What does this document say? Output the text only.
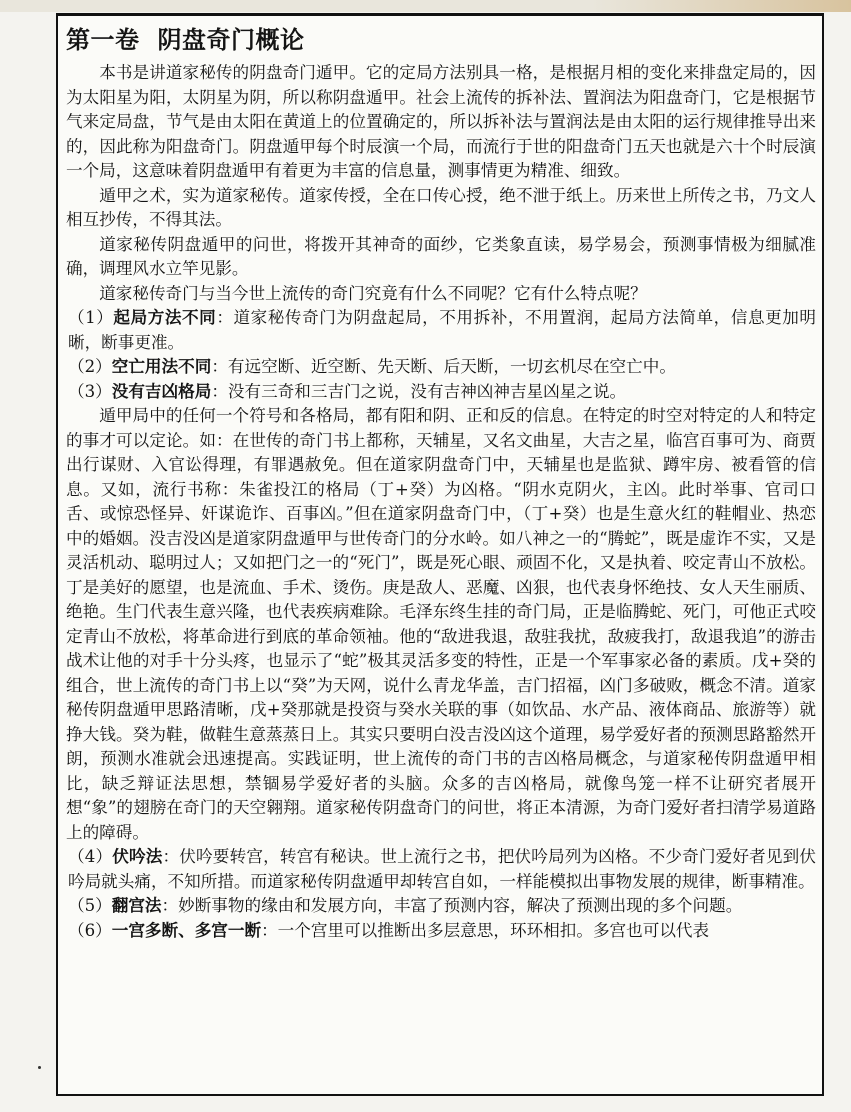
第一卷 阴盘奇门概论

本书是讲道家秘传的阴盘奇门遁甲。它的定局方法别具一格，是根据月相的变化来排盘定局的，因为太阳星为阳，太阴星为阴，所以称阴盘遁甲。社会上流传的拆补法、置润法为阳盘奇门，它是根据节气来定局盘，节气是由太阳在黄道上的位置确定的，所以拆补法与置润法是由太阳的运行规律推导出来的，因此称为阳盘奇门。阴盘遁甲每个时辰演一个局，而流行于世的阳盘奇门五天也就是六十个时辰演一个局，这意味着阴盘遁甲有着更为丰富的信息量，测事情更为精准、细致。

遁甲之术，实为道家秘传。道家传授，全在口传心授，绝不泄于纸上。历来世上所传之书，乃文人相互抄传，不得其法。

道家秘传阴盘遁甲的问世，将拨开其神奇的面纱，它类象直读，易学易会，预测事情极为细腻准确，调理风水立竿见影。

道家秘传奇门与当今世上流传的奇门究竟有什么不同呢？它有什么特点呢？

（1）起局方法不同：道家秘传奇门为阴盘起局，不用拆补，不用置润，起局方法简单，信息更加明晰，断事更准。

（2）空亡用法不同：有远空断、近空断、先天断、后天断，一切玄机尽在空亡中。

（3）没有吉凶格局：没有三奇和三吉门之说，没有吉神凶神吉星凶星之说。

遁甲局中的任何一个符号和各格局，都有阳和阴、正和反的信息。在特定的时空对特定的人和特定的事才可以定论。如：在世传的奇门书上都称，天辅星，又名文曲星，大吉之星，临宫百事可为、商贾出行谋财、入官讼得理，有罪遇赦免。但在道家阴盘奇门中，天辅星也是监狱、蹲牢房、被看管的信息。又如，流行书称：朱雀投江的格局（丁+癸）为凶格。“阴水克阴火，主凶。此时举事、官司口舌、或惊恐怪异、奸谋诡诈、百事凶。”但在道家阴盘奇门中，（丁+癸）也是生意火红的鞋帽业、热恋中的婚姻。没吉没凶是道家阴盘遁甲与世传奇门的分水岭。如八神之一的“腾蛇”，既是虚诈不实，又是灵活机动、聪明过人；又如把门之一的“死门”，既是死心眼、顽固不化，又是执着、咬定青山不放松。丁是美好的愿望，也是流血、手术、烫伤。庚是敌人、恶魔、凶狠，也代表身怀绝技、女人天生丽质、绝艳。生门代表生意兴隆，也代表疾病难除。毛泽东终生挂的奇门局，正是临腾蛇、死门，可他正式咬定青山不放松，将革命进行到底的革命领袖。他的“敌进我退，敌驻我扰，敌疲我打，敌退我追”的游击战术让他的对手十分头疼，也显示了“蛇”极其灵活多变的特性，正是一个军事家必备的素质。戊+癸的组合，世上流传的奇门书上以“癸”为天网，说什么青龙华盖，吉门招福，凶门多破败，概念不清。道家秘传阴盘遁甲思路清晰，戊+癸那就是投资与癸水关联的事（如饮品、水产品、液体商品、旅游等）就挣大钱。癸为鞋，做鞋生意蒸蒸日上。其实只要明白没吉没凶这个道理，易学爱好者的预测思路豁然开朗，预测水准就会迅速提高。实践证明，世上流传的奇门书的吉凶格局概念，与道家秘传阴盘遁甲相比，缺乏辩证法思想，禁锢易学爱好者的头脑。众多的吉凶格局，就像鸟笼一样不让研究者展开想“象”的翅膀在奇门的天空翱翔。道家秘传阴盘奇门的问世，将正本清源，为奇门爱好者扫清学易道路上的障碍。

（4）伏吟法：伏吟要转宫，转宫有秘诀。世上流行之书，把伏吟局列为凶格。不少奇门爱好者见到伏吟局就头痛，不知所措。而道家秘传阴盘遁甲却转宫自如，一样能模拟出事物发展的规律，断事精准。

（5）翻宫法：妙断事物的缘由和发展方向，丰富了预测内容，解决了预测出现的多个问题。

（6）一宫多断、多宫一断：一个宫里可以推断出多层意思，环环相扣。多宫也可以代表
